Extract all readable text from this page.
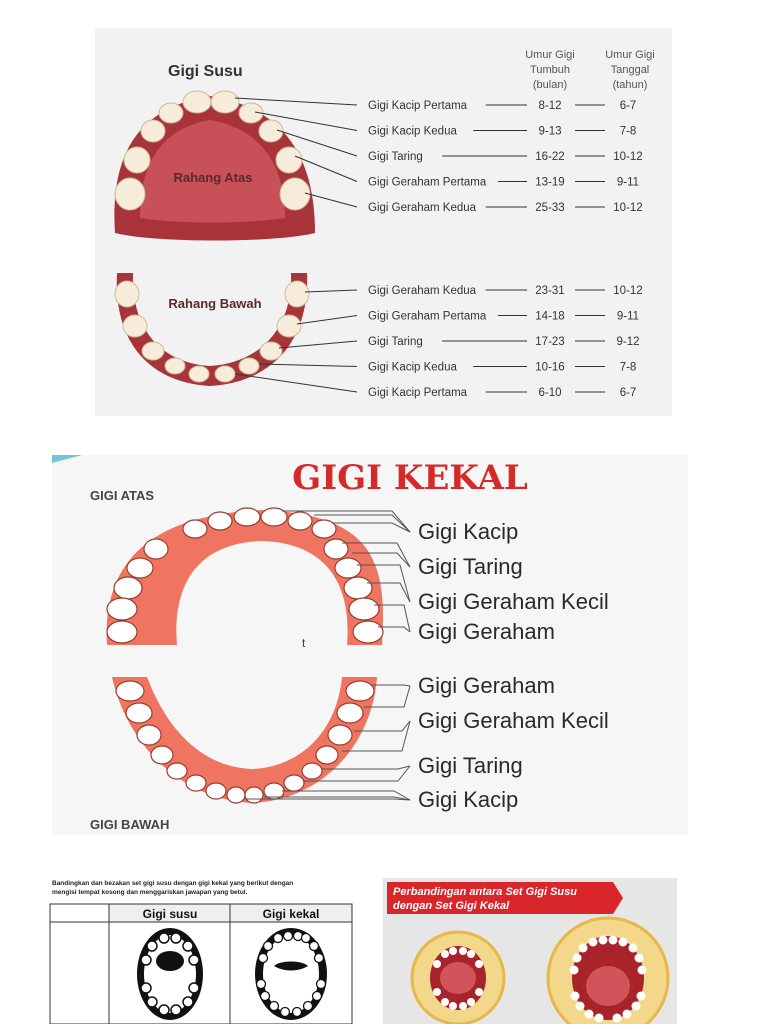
Gigi Susu
Umur Gigi
Tumbuh
(bulan)
Umur Gigi
Tanggal
(tahun)
Rahang Atas
Rahang Bawah
Gigi Kacip Pertama	8-12	6-7
Gigi Kacip Kedua	9-13	7-8
Gigi Taring	16-22	10-12
Gigi Geraham Pertama	13-19	9-11
Gigi Geraham Kedua	25-33	10-12
Gigi Geraham Kedua	23-31	10-12
Gigi Geraham Pertama	14-18	9-11
Gigi Taring	17-23	9-12
Gigi Kacip Kedua	10-16	7-8
Gigi Kacip Pertama	6-10	6-7
GIGI KEKAL
GIGI ATAS
GIGI BAWAH
t
Gigi Kacip
Gigi Taring
Gigi Geraham Kecil
Gigi Geraham
Gigi Geraham
Gigi Geraham Kecil
Gigi Taring
Gigi Kacip
Bandingkan dan bezakan set gigi susu dengan gigi kekal yang berikut dengan
mengisi tempat kosong dan menggariskan jawapan yang betul.
Gigi susu	Gigi kekal
Perbandingan antara Set Gigi Susu
dengan Set Gigi Kekal
